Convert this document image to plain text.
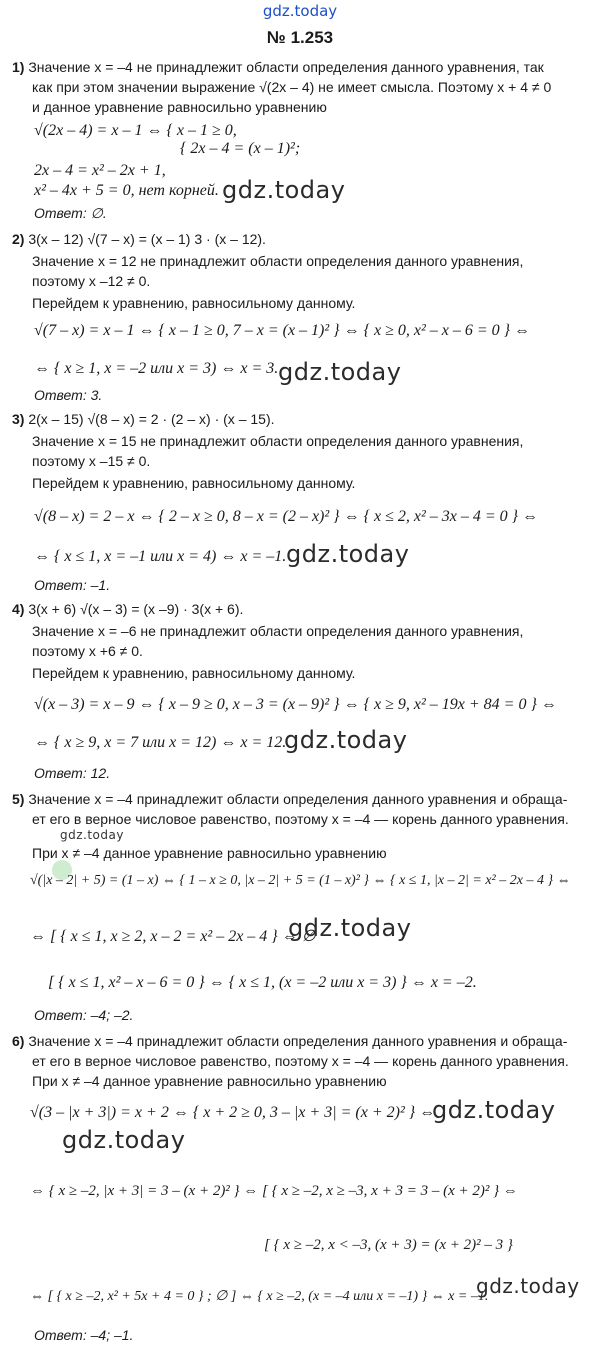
gdz.today
№ 1.253
1) Значение x = –4 не принадлежит области определения данного уравнения, так
как при этом значении выражение √(2x – 4) не имеет смысла. Поэтому x + 4 ≠ 0
и данное уравнение равносильно уравнению
√(2x – 4) = x – 1 ⇔ { x – 1 ≥ 0,
{ 2x – 4 = (x – 1)²;
2x – 4 = x² – 2x + 1,
x² – 4x + 5 = 0, нет корней. gdz.today
Ответ: ∅.
2) 3(x – 12) √(7 – x) = (x – 1) 3 · (x – 12).
Значение x = 12 не принадлежит области определения данного уравнения,
поэтому x –12 ≠ 0.
Перейдем к уравнению, равносильному данному.
√(7 – x) = x – 1 ⇔ { x – 1 ≥ 0, 7 – x = (x – 1)² } ⇔ { x ≥ 0, x² – x – 6 = 0 } ⇔
⇔ { x ≥ 1, x = –2 или x = 3) ⇔ x = 3. gdz.today
Ответ: 3.
3) 2(x – 15) √(8 – x) = 2 · (2 – x) · (x – 15).
Значение x = 15 не принадлежит области определения данного уравнения,
поэтому x –15 ≠ 0.
Перейдем к уравнению, равносильному данному.
√(8 – x) = 2 – x ⇔ { 2 – x ≥ 0, 8 – x = (2 – x)² } ⇔ { x ≤ 2, x² – 3x – 4 = 0 } ⇔
⇔ { x ≤ 1, x = –1 или x = 4) ⇔ x = –1. gdz.today
Ответ: –1.
4) 3(x + 6) √(x – 3) = (x –9) · 3(x + 6).
Значение x = –6 не принадлежит области определения данного уравнения,
поэтому x +6 ≠ 0.
Перейдем к уравнению, равносильному данному.
√(x – 3) = x – 9 ⇔ { x – 9 ≥ 0, x – 3 = (x – 9)² } ⇔ { x ≥ 9, x² – 19x + 84 = 0 } ⇔
⇔ { x ≥ 9, x = 7 или x = 12) ⇔ x = 12.
gdz.today
Ответ: 12.
5) Значение x = –4 принадлежит области определения данного уравнения и обраща-
ет его в верное числовое равенство, поэтому x = –4 — корень данного уравнения.
gdz.today
При x ≠ –4 данное уравнение равносильно уравнению
√(|x – 2| + 5) = (1 – x) ⇔ { 1 – x ≥ 0, |x – 2| + 5 = (1 – x)² } ⇔ { x ≤ 1, |x – 2| = x² – 2x – 4 } ⇔
⇔ [ { x ≤ 1, x ≥ 2, x – 2 = x² – 2x – 4 } ⇔ ∅
gdz.today
[ { x ≤ 1, x² – x – 6 = 0 } ⇔ { x ≤ 1, (x = –2 или x = 3) } ⇔ x = –2.
Ответ: –4; –2.
6) Значение x = –4 принадлежит области определения данного уравнения и обраща-
ет его в верное числовое равенство, поэтому x = –4 — корень данного уравнения.
При x ≠ –4 данное уравнение равносильно уравнению
√(3 – |x + 3|) = x + 2 ⇔ { x + 2 ≥ 0, 3 – |x + 3| = (x + 2)² } ⇔
gdz.today
gdz.today
⇔ { x ≥ –2, |x + 3| = 3 – (x + 2)² } ⇔ [ { x ≥ –2, x ≥ –3, x + 3 = 3 – (x + 2)² } ⇔
[ { x ≥ –2, x < –3, (x + 3) = (x + 2)² – 3 }
⇔ [ { x ≥ –2, x² + 5x + 4 = 0 } ; ∅ ] ⇔ { x ≥ –2, (x = –4 или x = –1) } ⇔ x = –1.
gdz.today
Ответ: –4; –1.
